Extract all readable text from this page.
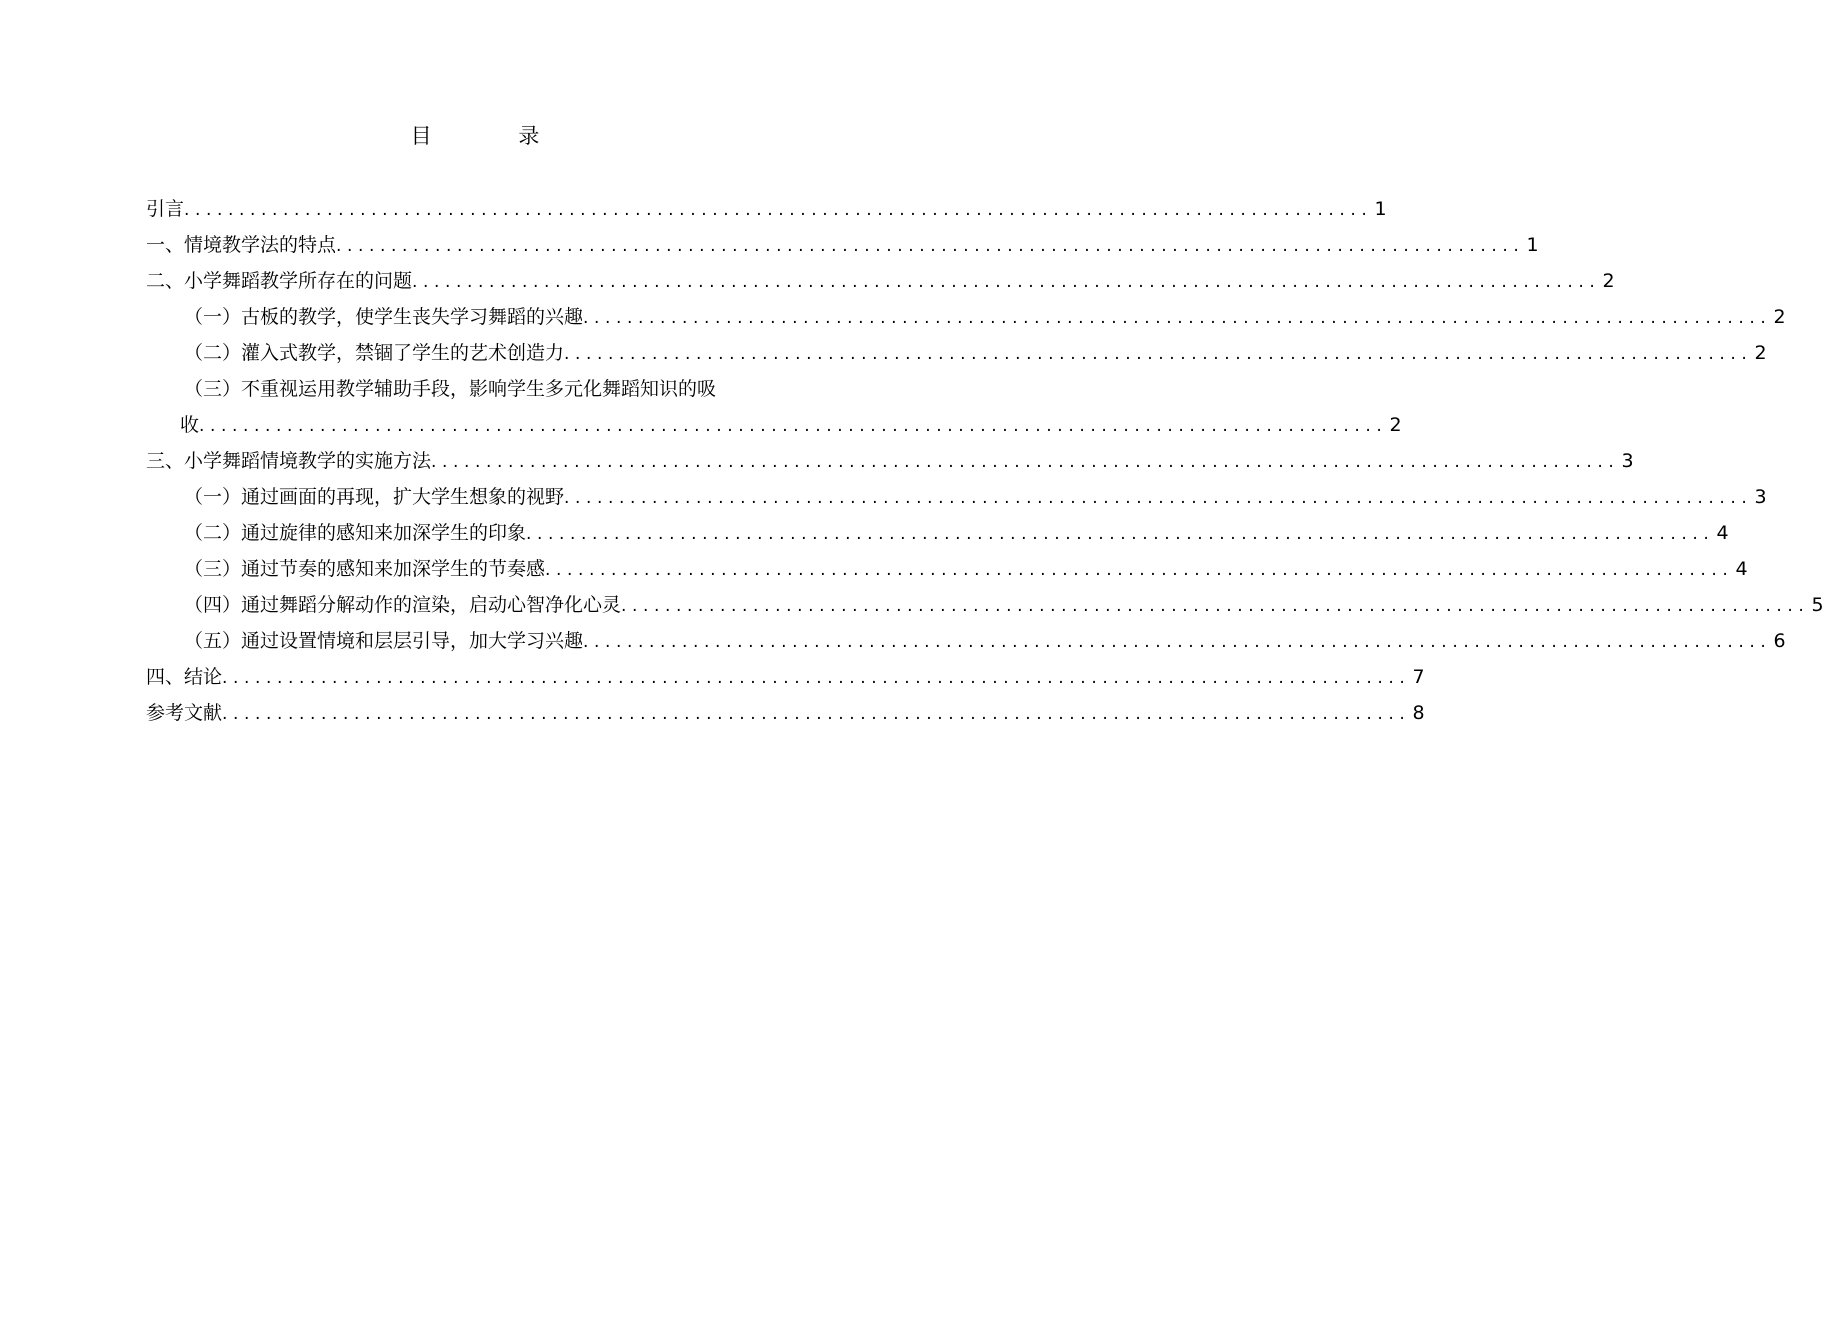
目 录
引言 ............................................................................................................ 1
一、情境教学法的特点 ............................................................................................................ 1
二、小学舞蹈教学所存在的问题 ............................................................................................................ 2
（一）古板的教学，使学生丧失学习舞蹈的兴趣 ............................................................................................................ 2
（二）灌入式教学，禁锢了学生的艺术创造力 ............................................................................................................ 2
（三）不重视运用教学辅助手段，影响学生多元化舞蹈知识的吸
收 ............................................................................................................ 2
三、小学舞蹈情境教学的实施方法 ............................................................................................................ 3
（一）通过画面的再现，扩大学生想象的视野 ............................................................................................................ 3
（二）通过旋律的感知来加深学生的印象 ............................................................................................................ 4
（三）通过节奏的感知来加深学生的节奏感 ............................................................................................................ 4
（四）通过舞蹈分解动作的渲染，启动心智净化心灵 ............................................................................................................ 5
（五）通过设置情境和层层引导，加大学习兴趣 ............................................................................................................ 6
四、结论 ............................................................................................................ 7
参考文献 ............................................................................................................ 8
